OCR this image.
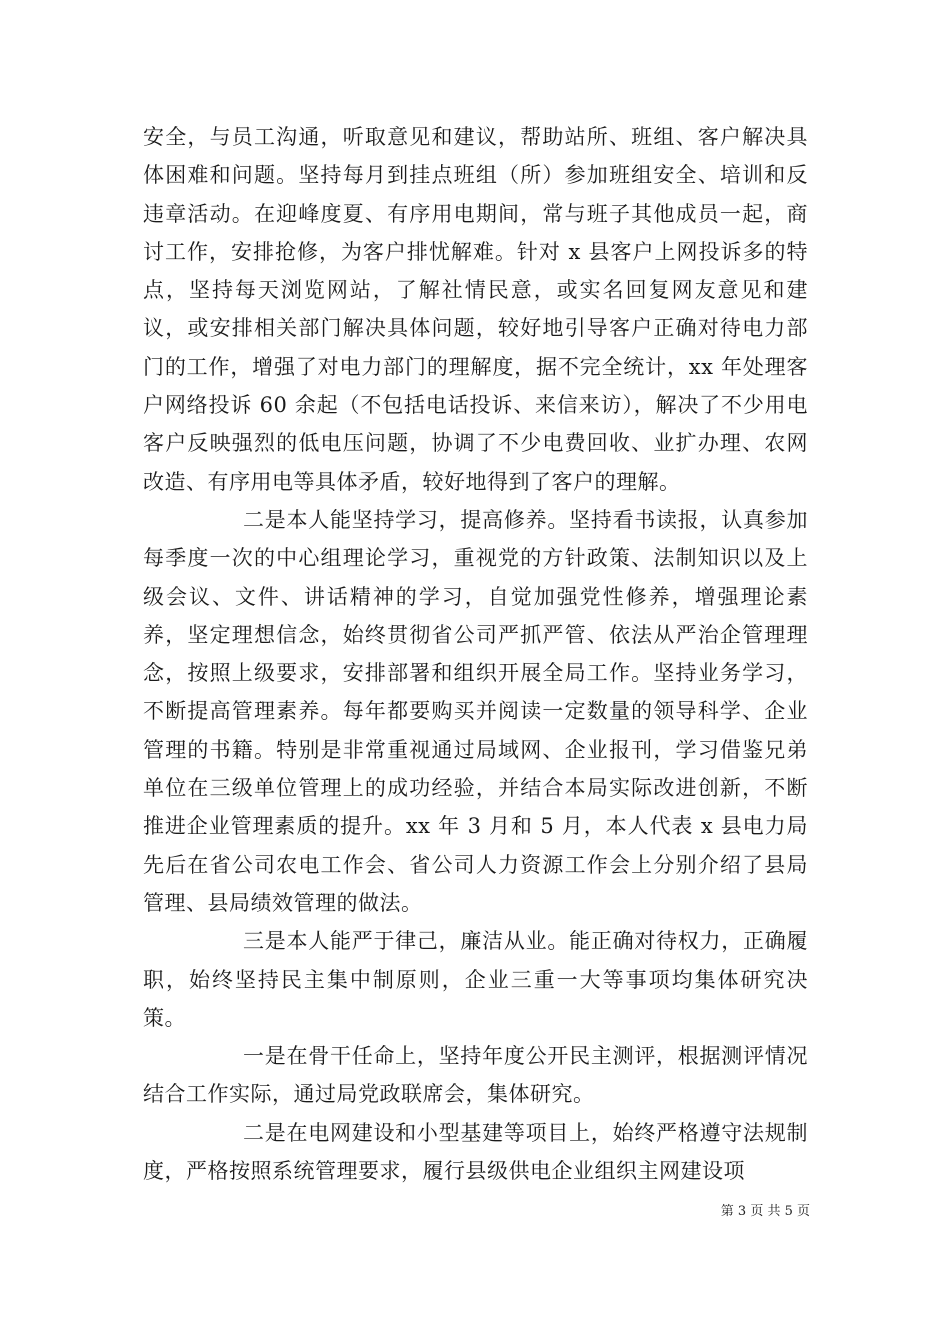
安全，与员工沟通，听取意见和建议，帮助站所、班组、客户解决具体困难和问题。坚持每月到挂点班组（所）参加班组安全、培训和反违章活动。在迎峰度夏、有序用电期间，常与班子其他成员一起，商讨工作，安排抢修，为客户排忧解难。针对 x 县客户上网投诉多的特点，坚持每天浏览网站，了解社情民意，或实名回复网友意见和建议，或安排相关部门解决具体问题，较好地引导客户正确对待电力部门的工作，增强了对电力部门的理解度，据不完全统计，xx 年处理客户网络投诉 60 余起（不包括电话投诉、来信来访），解决了不少用电客户反映强烈的低电压问题，协调了不少电费回收、业扩办理、农网改造、有序用电等具体矛盾，较好地得到了客户的理解。

二是本人能坚持学习，提高修养。坚持看书读报，认真参加每季度一次的中心组理论学习，重视党的方针政策、法制知识以及上级会议、文件、讲话精神的学习，自觉加强党性修养，增强理论素养，坚定理想信念，始终贯彻省公司严抓严管、依法从严治企管理理念，按照上级要求，安排部署和组织开展全局工作。坚持业务学习，不断提高管理素养。每年都要购买并阅读一定数量的领导科学、企业管理的书籍。特别是非常重视通过局域网、企业报刊，学习借鉴兄弟单位在三级单位管理上的成功经验，并结合本局实际改进创新，不断推进企业管理素质的提升。xx 年 3 月和 5 月，本人代表 x 县电力局先后在省公司农电工作会、省公司人力资源工作会上分别介绍了县局管理、县局绩效管理的做法。

三是本人能严于律己，廉洁从业。能正确对待权力，正确履职，始终坚持民主集中制原则，企业三重一大等事项均集体研究决策。

一是在骨干任命上，坚持年度公开民主测评，根据测评情况结合工作实际，通过局党政联席会，集体研究。

二是在电网建设和小型基建等项目上，始终严格遵守法规制度，严格按照系统管理要求，履行县级供电企业组织主网建设项

第 3 页 共 5 页
